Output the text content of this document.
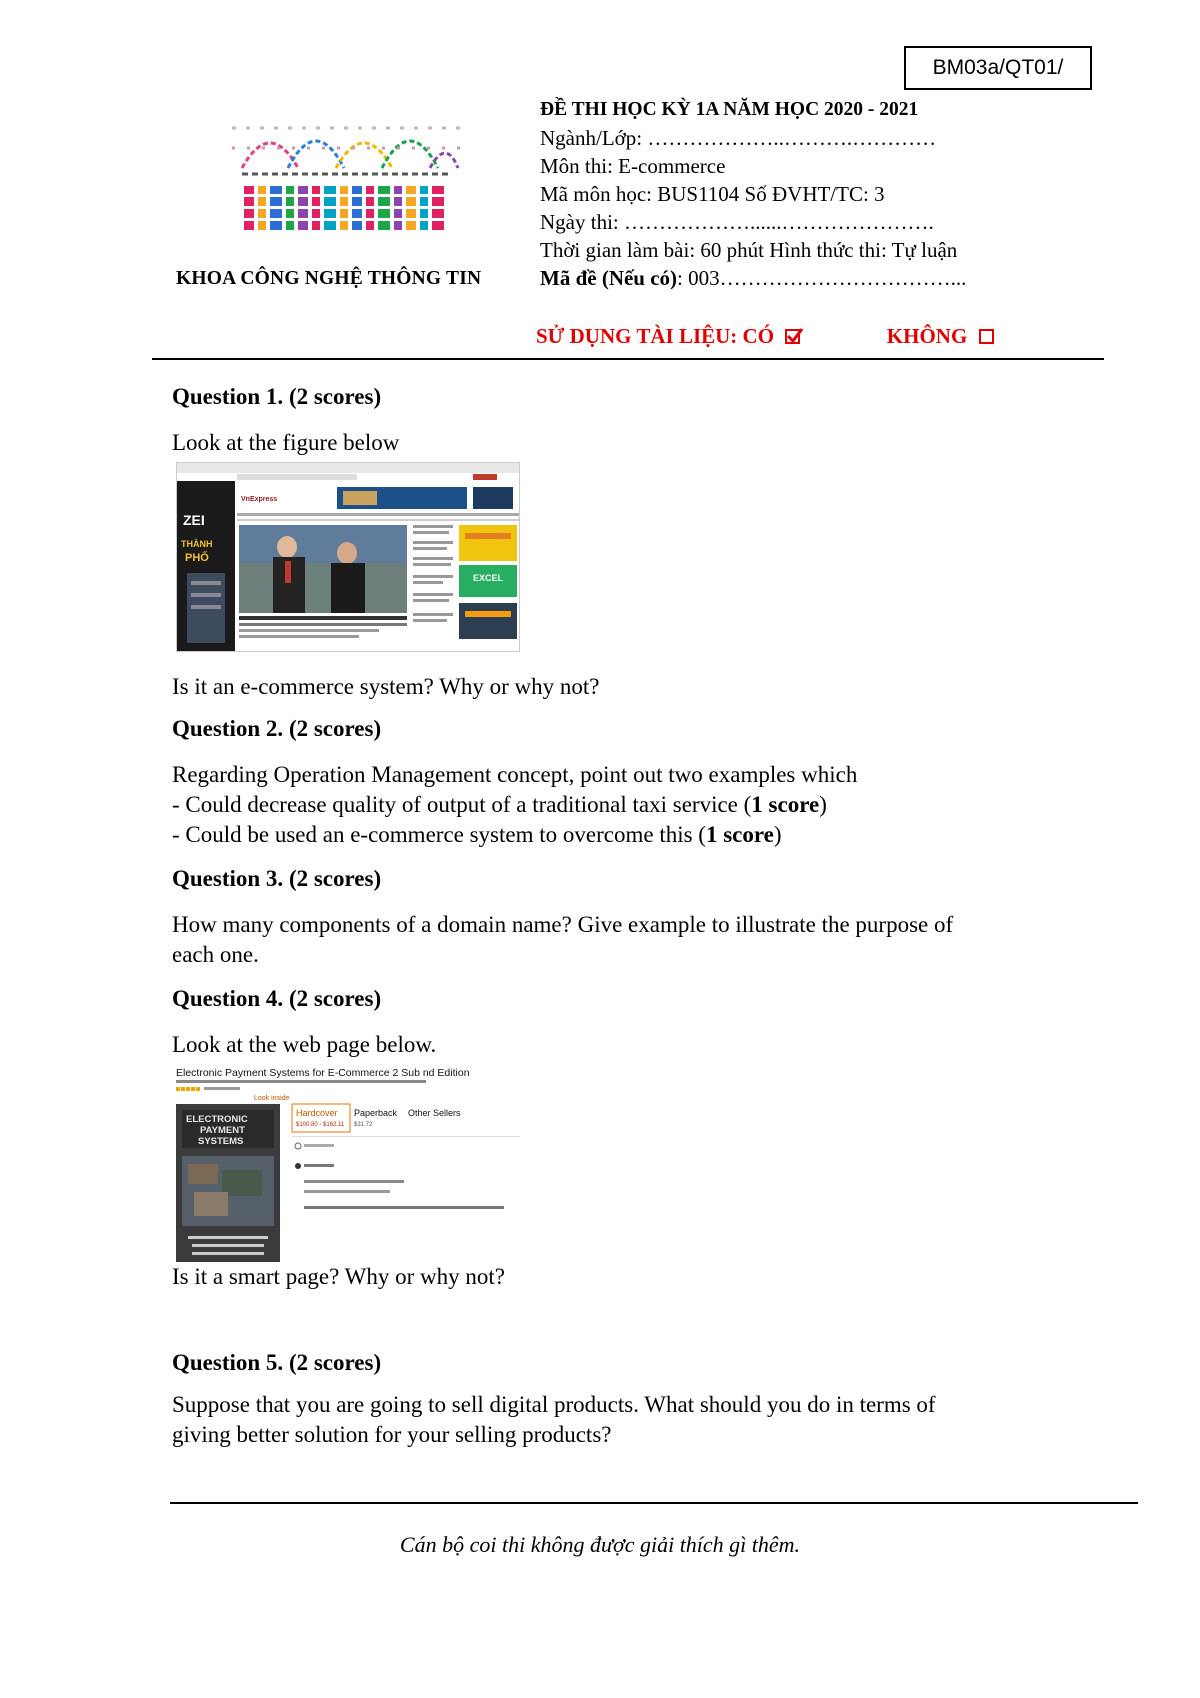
BM03a/QT01/
KHOA CÔNG NGHỆ THÔNG TIN
ĐỀ THI HỌC KỲ 1A NĂM HỌC 2020 - 2021
Ngành/Lớp: ………………..……….…………
Môn thi: E-commerce
Mã môn học: BUS1104 Số ĐVHT/TC: 3
Ngày thi: ………………......………………….
Thời gian làm bài: 60 phút Hình thức thi: Tự luận
Mã đề (Nếu có): 003……………………………...
SỬ DỤNG TÀI LIỆU: CÓ	KHÔNG
Question 1. (2 scores)
Look at the figure below
Is it an e-commerce system? Why or why not?
Question 2. (2 scores)
Regarding Operation Management concept, point out two examples which
- Could decrease quality of output of a traditional taxi service (1 score)
- Could be used an e-commerce system to overcome this (1 score)
Question 3. (2 scores)
How many components of a domain name? Give example to illustrate the purpose of
each one.
Question 4. (2 scores)
Look at the web page below.
Is it a smart page? Why or why not?
Question 5. (2 scores)
Suppose that you are going to sell digital products. What should you do in terms of
giving better solution for your selling products?
ZEI
THÀNH
PHỐ
VnExpress
EXCEL
Electronic Payment Systems for E-Commerce 2 Sub nd Edition
Look inside
ELECTRONIC
PAYMENT
SYSTEMS
Hardcover
$100.80 - $162.11
Paperback
$31.72
Other Sellers
Cán bộ coi thi không được giải thích gì thêm.
